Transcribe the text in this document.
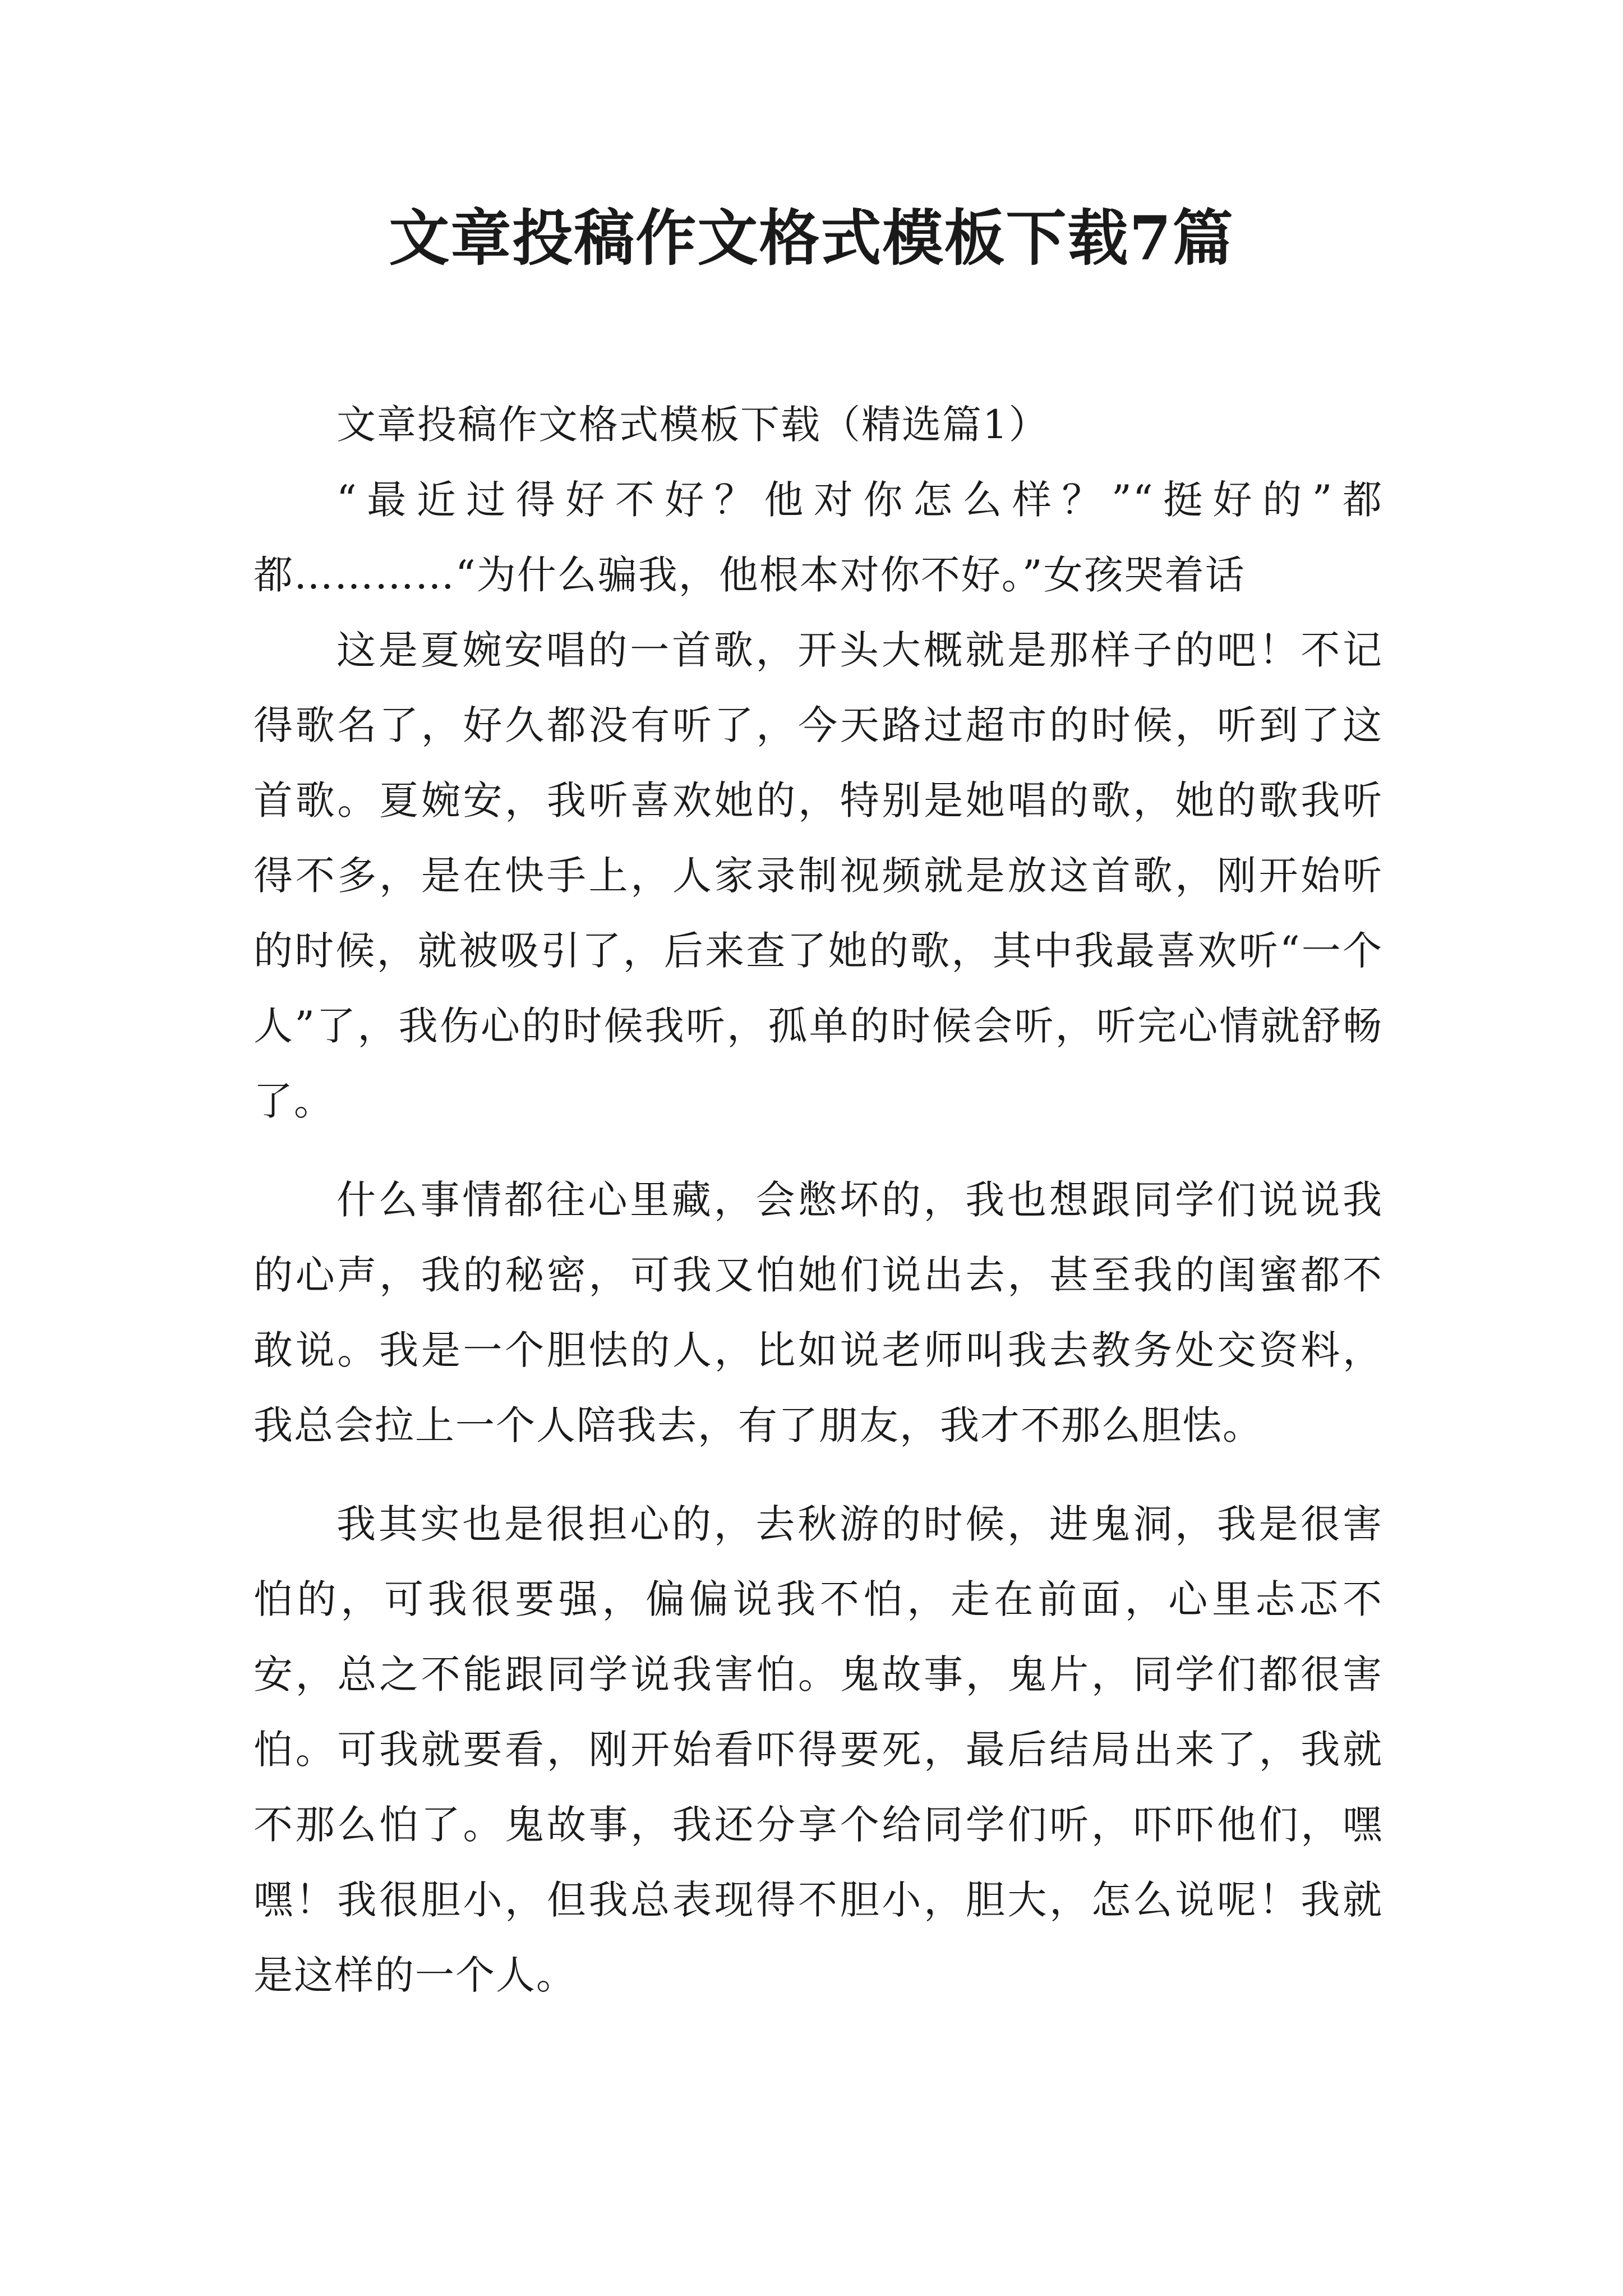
文章投稿作文格式模板下载7篇

文章投稿作文格式模板下载（精选篇1）

“最近过得好不好？他对你怎么样？”“挺好的”都都…………“为什么骗我，他根本对你不好。”女孩哭着话

这是夏婉安唱的一首歌，开头大概就是那样子的吧！不记得歌名了，好久都没有听了，今天路过超市的时候，听到了这首歌。夏婉安，我听喜欢她的，特别是她唱的歌，她的歌我听得不多，是在快手上，人家录制视频就是放这首歌，刚开始听的时候，就被吸引了，后来查了她的歌，其中我最喜欢听“一个人”了，我伤心的时候我听，孤单的时候会听，听完心情就舒畅了。

什么事情都往心里藏，会憋坏的，我也想跟同学们说说我的心声，我的秘密，可我又怕她们说出去，甚至我的闺蜜都不敢说。我是一个胆怯的人，比如说老师叫我去教务处交资料，我总会拉上一个人陪我去，有了朋友，我才不那么胆怯。

我其实也是很担心的，去秋游的时候，进鬼洞，我是很害怕的，可我很要强，偏偏说我不怕，走在前面，心里忐忑不安，总之不能跟同学说我害怕。鬼故事，鬼片，同学们都很害怕。可我就要看，刚开始看吓得要死，最后结局出来了，我就不那么怕了。鬼故事，我还分享个给同学们听，吓吓他们，嘿嘿！我很胆小，但我总表现得不胆小，胆大，怎么说呢！我就是这样的一个人。
